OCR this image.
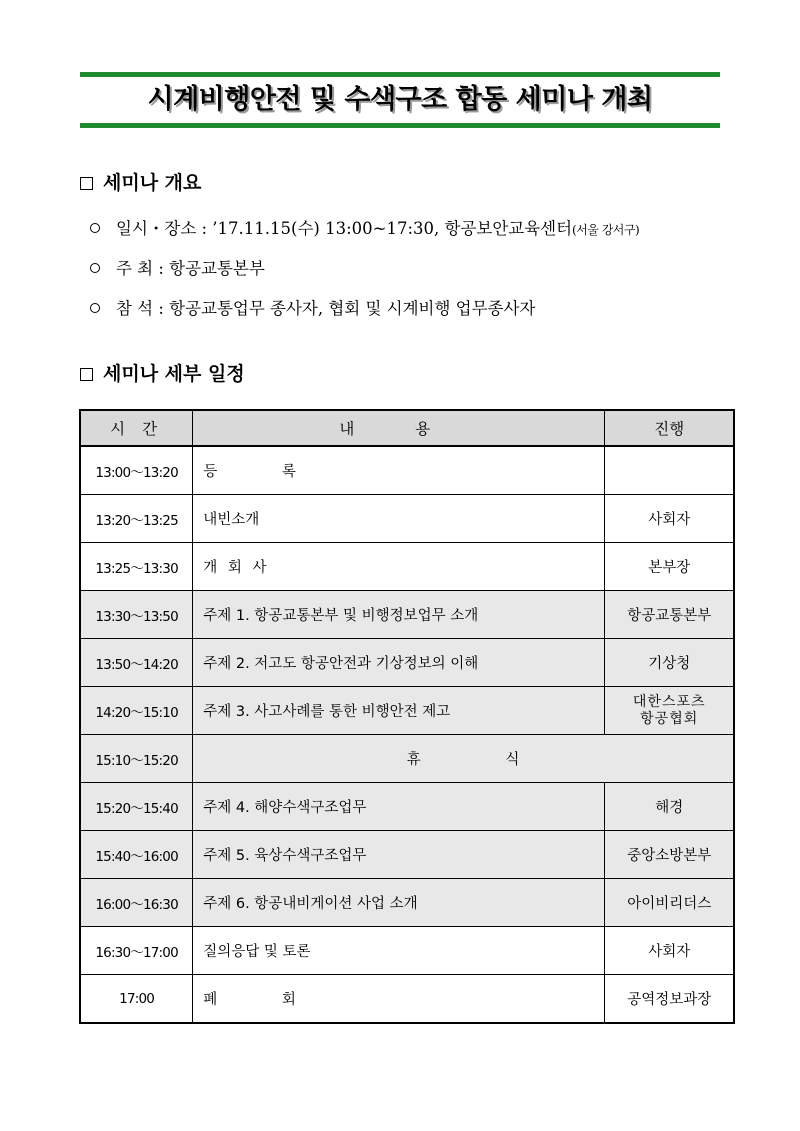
시계비행안전 및 수색구조 합동 세미나 개최
세미나 개요
일시・장소 : ’17.11.15(수) 13:00~17:30, 항공보안교육센터(서울 강서구)
주 최 : 항공교통본부
참 석 : 항공교통업무 종사자, 협회 및 시계비행 업무종사자
세미나 세부 일정
시 간	내 용	진행
13:00～13:20	등 록	
13:20～13:25	내빈소개	사회자
13:25～13:30	개 회 사	본부장
13:30～13:50	주제 1. 항공교통본부 및 비행정보업무 소개	항공교통본부
13:50～14:20	주제 2. 저고도 항공안전과 기상정보의 이해	기상청
14:20～15:10	주제 3. 사고사례를 통한 비행안전 제고	대한스포츠
항공협회

15:10～15:20	휴 식	
15:20～15:40	주제 4. 해양수색구조업무	해경
15:40～16:00	주제 5. 육상수색구조업무	중앙소방본부
16:00～16:30	주제 6. 항공내비게이션 사업 소개	아이비리더스
16:30～17:00	질의응답 및 토론	사회자
17:00	폐 회	공역정보과장
